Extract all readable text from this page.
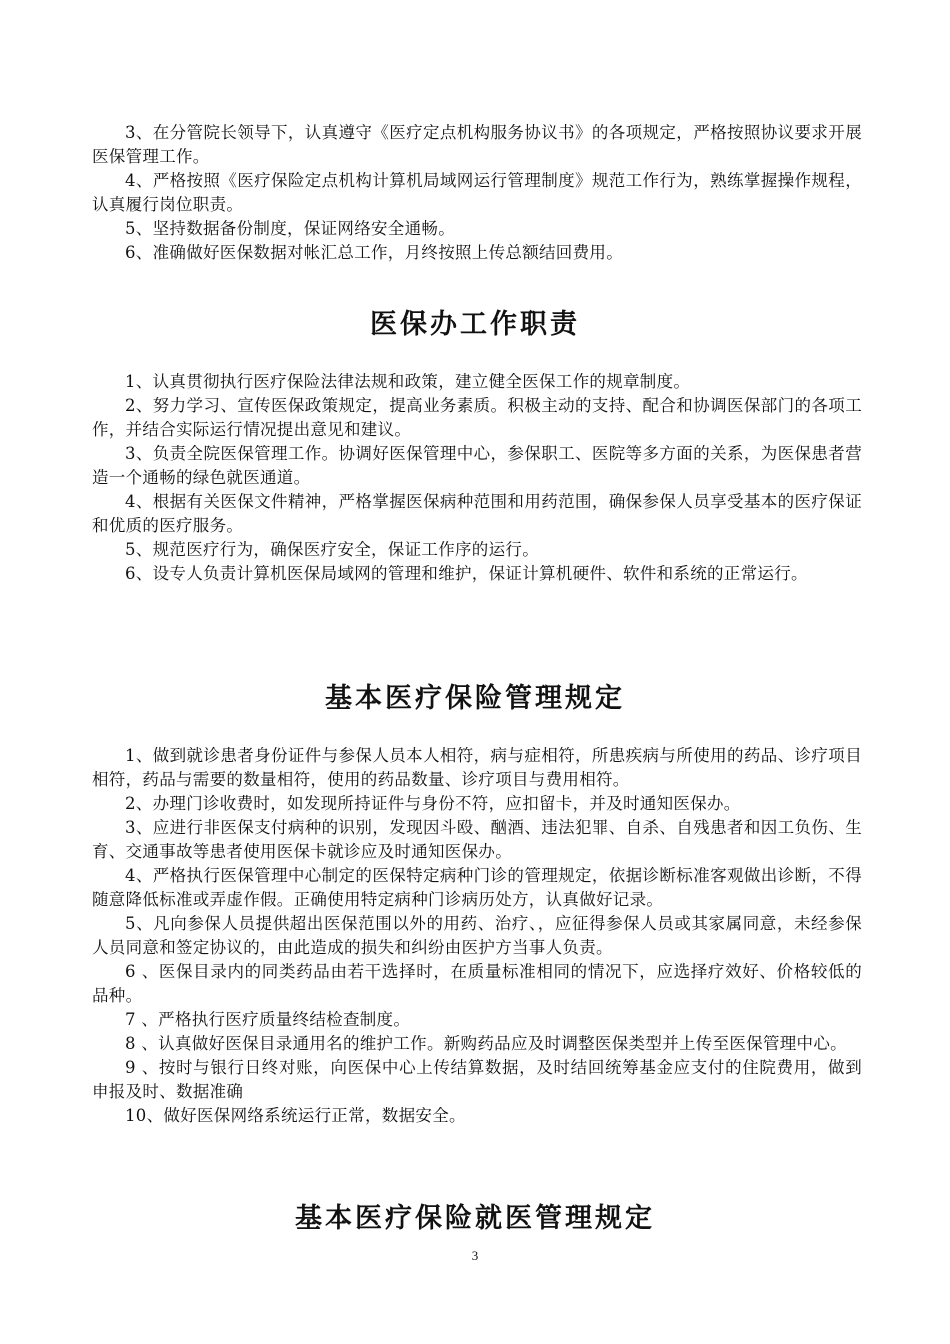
3、在分管院长领导下，认真遵守《医疗定点机构服务协议书》的各项规定，严格按照协议要求开展医保管理工作。

4、严格按照《医疗保险定点机构计算机局域网运行管理制度》规范工作行为，熟练掌握操作规程，认真履行岗位职责。

5、坚持数据备份制度，保证网络安全通畅。

6、准确做好医保数据对帐汇总工作，月终按照上传总额结回费用。

医保办工作职责

1、认真贯彻执行医疗保险法律法规和政策，建立健全医保工作的规章制度。

2、努力学习、宣传医保政策规定，提高业务素质。积极主动的支持、配合和协调医保部门的各项工作，并结合实际运行情况提出意见和建议。

3、负责全院医保管理工作。协调好医保管理中心，参保职工、医院等多方面的关系，为医保患者营造一个通畅的绿色就医通道。

4、根据有关医保文件精神，严格掌握医保病种范围和用药范围，确保参保人员享受基本的医疗保证和优质的医疗服务。

5、规范医疗行为，确保医疗安全，保证工作序的运行。

6、设专人负责计算机医保局域网的管理和维护，保证计算机硬件、软件和系统的正常运行。

基本医疗保险管理规定

1、做到就诊患者身份证件与参保人员本人相符，病与症相符，所患疾病与所使用的药品、诊疗项目相符，药品与需要的数量相符，使用的药品数量、诊疗项目与费用相符。

2、办理门诊收费时，如发现所持证件与身份不符，应扣留卡，并及时通知医保办。

3、应进行非医保支付病种的识别，发现因斗殴、酗酒、违法犯罪、自杀、自残患者和因工负伤、生育、交通事故等患者使用医保卡就诊应及时通知医保办。

4、严格执行医保管理中心制定的医保特定病种门诊的管理规定，依据诊断标准客观做出诊断，不得随意降低标准或弄虚作假。正确使用特定病种门诊病历处方，认真做好记录。

5、凡向参保人员提供超出医保范围以外的用药、治疗、，应征得参保人员或其家属同意，未经参保人员同意和签定协议的，由此造成的损失和纠纷由医护方当事人负责。

6 、医保目录内的同类药品由若干选择时，在质量标准相同的情况下，应选择疗效好、价格较低的品种。

7 、严格执行医疗质量终结检查制度。

8 、认真做好医保目录通用名的维护工作。新购药品应及时调整医保类型并上传至医保管理中心。

9 、按时与银行日终对账，向医保中心上传结算数据，及时结回统筹基金应支付的住院费用，做到申报及时、数据准确

10、做好医保网络系统运行正常，数据安全。

基本医疗保险就医管理规定
3
